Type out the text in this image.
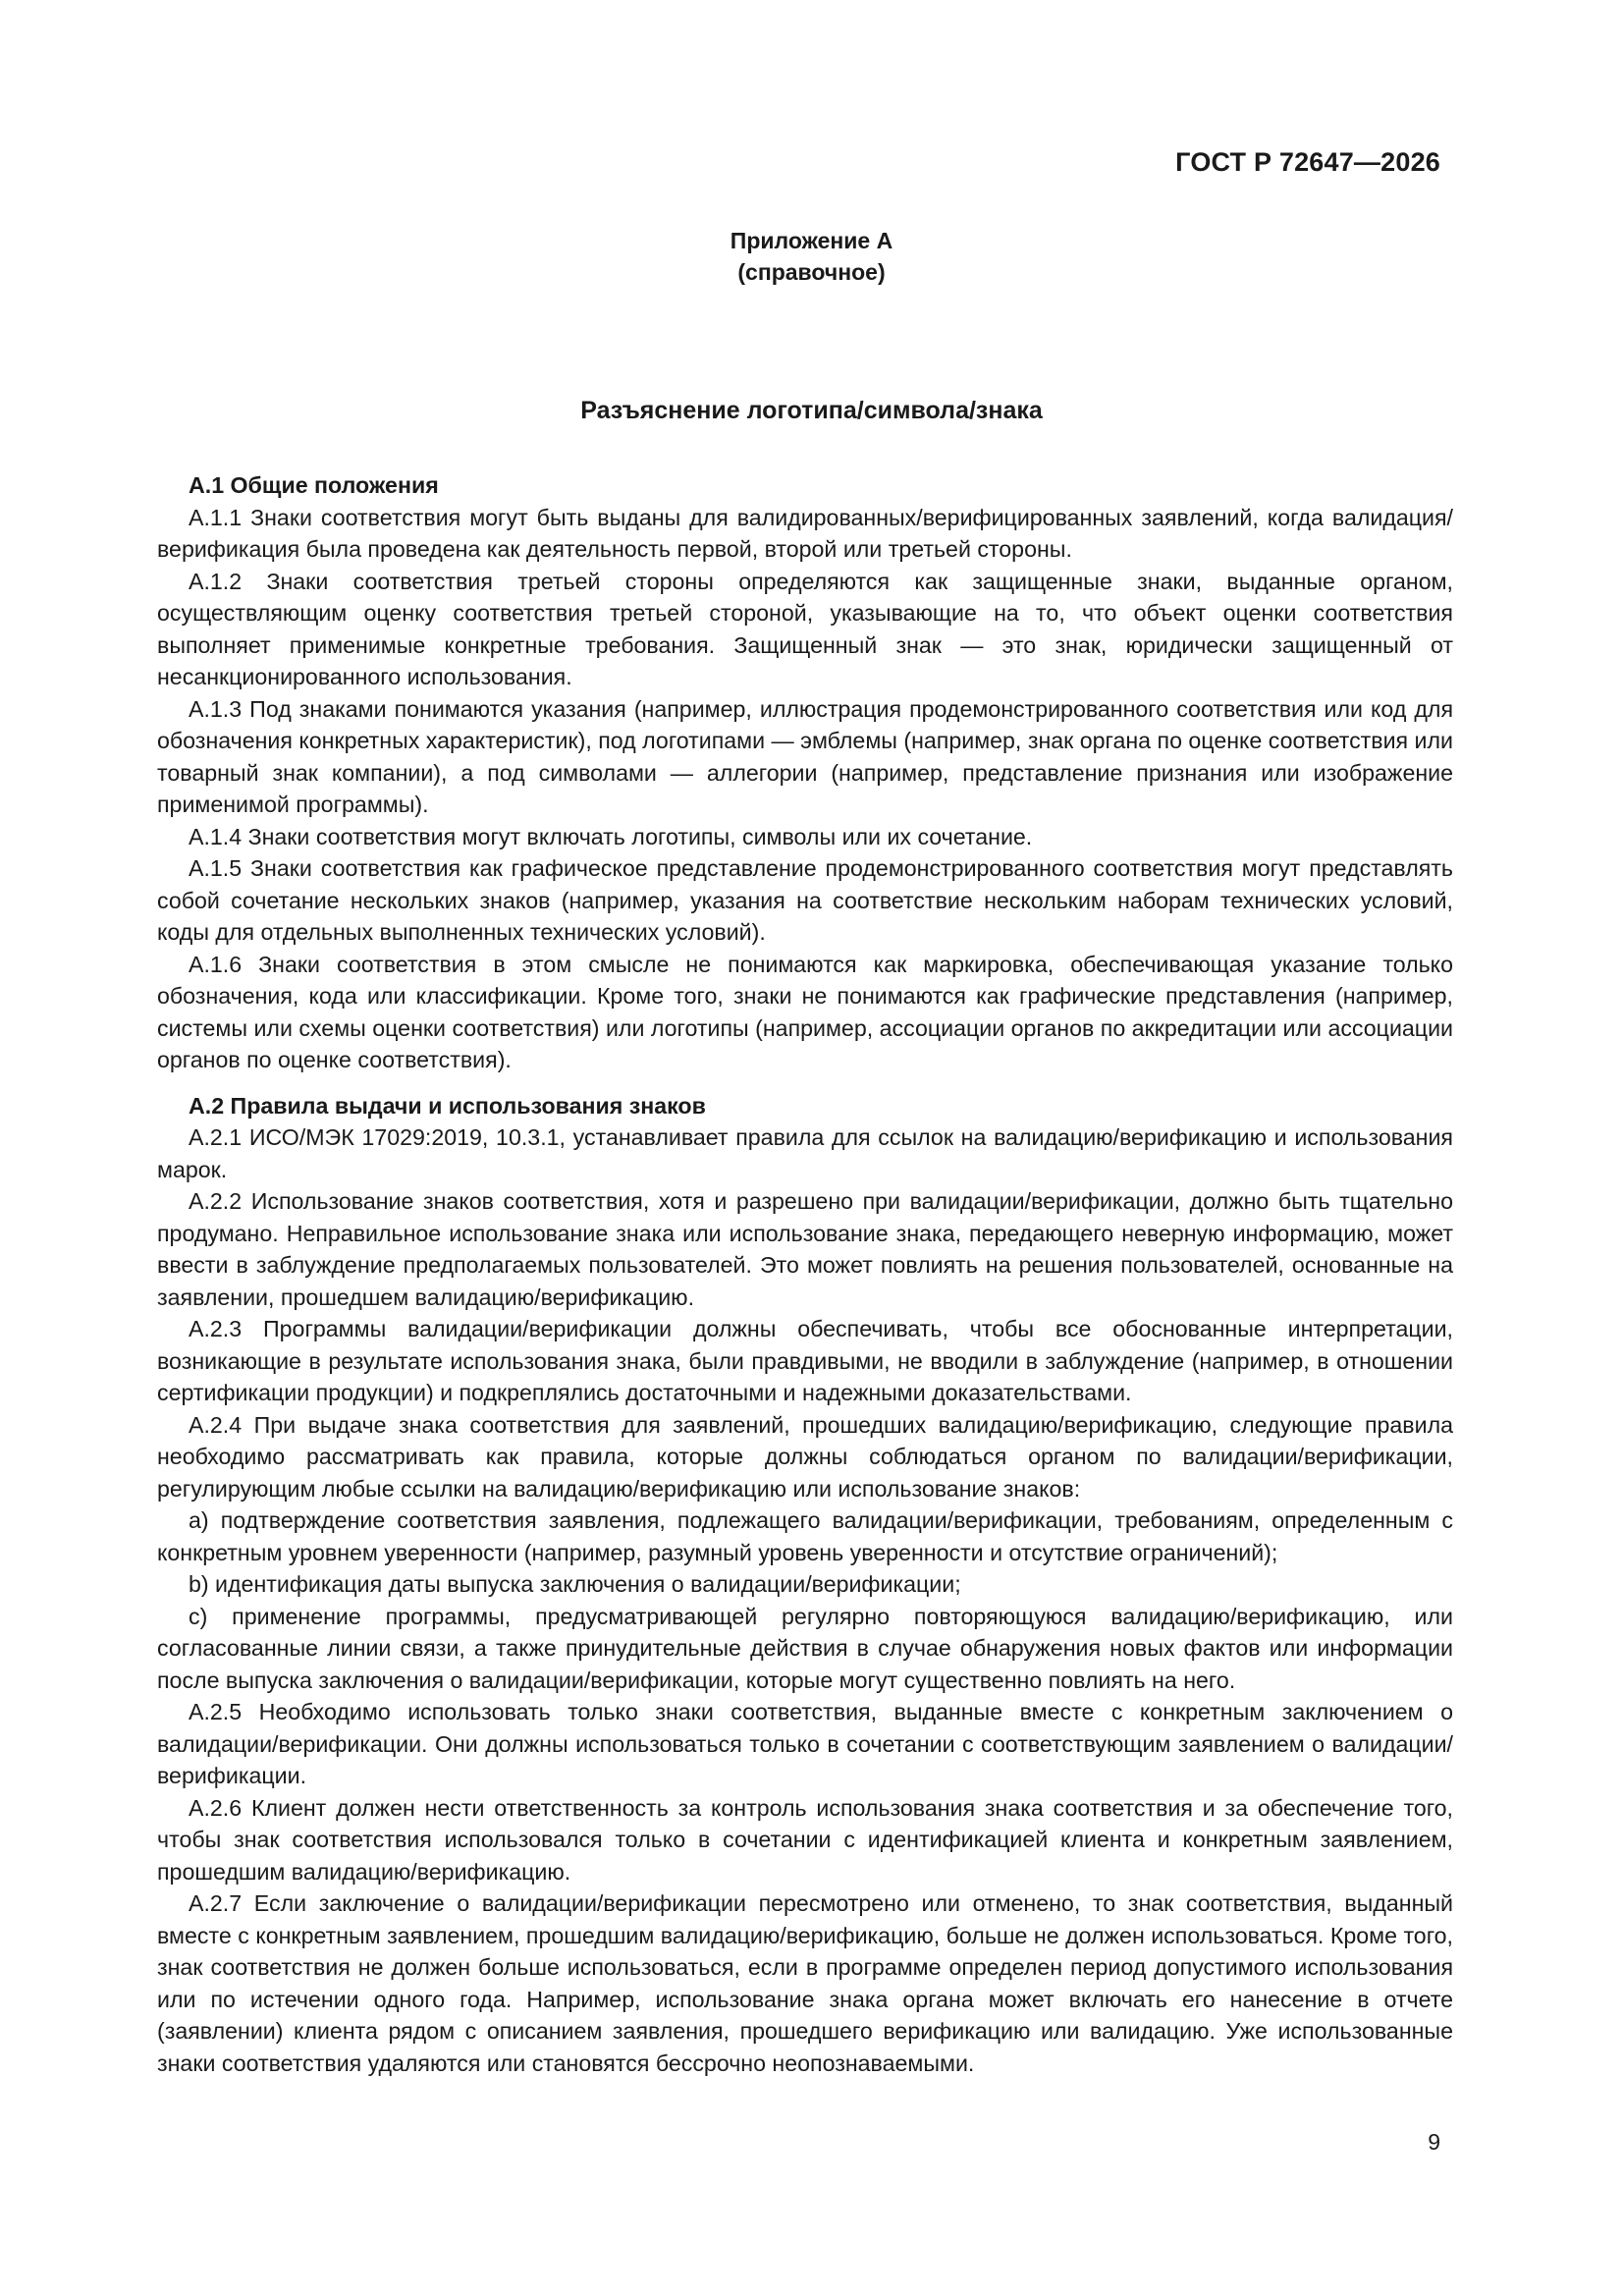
ГОСТ Р 72647—2026
Приложение А
(справочное)
Разъяснение логотипа/символа/знака

А.1 Общие положения

А.1.1 Знаки соответствия могут быть выданы для валидированных/верифицированных заявлений, когда валидация/верификация была проведена как деятельность первой, второй или третьей стороны.

А.1.2 Знаки соответствия третьей стороны определяются как защищенные знаки, выданные органом, осуществляющим оценку соответствия третьей стороной, указывающие на то, что объект оценки соответствия выполняет применимые конкретные требования. Защищенный знак — это знак, юридически защищенный от несанкционированного использования.

А.1.3 Под знаками понимаются указания (например, иллюстрация продемонстрированного соответствия или код для обозначения конкретных характеристик), под логотипами — эмблемы (например, знак органа по оценке соответствия или товарный знак компании), а под символами — аллегории (например, представление признания или изображение применимой программы).

А.1.4 Знаки соответствия могут включать логотипы, символы или их сочетание.

А.1.5 Знаки соответствия как графическое представление продемонстрированного соответствия могут представлять собой сочетание нескольких знаков (например, указания на соответствие нескольким наборам технических условий, коды для отдельных выполненных технических условий).

А.1.6 Знаки соответствия в этом смысле не понимаются как маркировка, обеспечивающая указание только обозначения, кода или классификации. Кроме того, знаки не понимаются как графические представления (например, системы или схемы оценки соответствия) или логотипы (например, ассоциации органов по аккредитации или ассоциации органов по оценке соответствия).

А.2 Правила выдачи и использования знаков

А.2.1 ИСО/МЭК 17029:2019, 10.3.1, устанавливает правила для ссылок на валидацию/верификацию и использования марок.

А.2.2 Использование знаков соответствия, хотя и разрешено при валидации/верификации, должно быть тщательно продумано. Неправильное использование знака или использование знака, передающего неверную информацию, может ввести в заблуждение предполагаемых пользователей. Это может повлиять на решения пользователей, основанные на заявлении, прошедшем валидацию/верификацию.

А.2.3 Программы валидации/верификации должны обеспечивать, чтобы все обоснованные интерпретации, возникающие в результате использования знака, были правдивыми, не вводили в заблуждение (например, в отношении сертификации продукции) и подкреплялись достаточными и надежными доказательствами.

А.2.4 При выдаче знака соответствия для заявлений, прошедших валидацию/верификацию, следующие правила необходимо рассматривать как правила, которые должны соблюдаться органом по валидации/верификации, регулирующим любые ссылки на валидацию/верификацию или использование знаков:

a) подтверждение соответствия заявления, подлежащего валидации/верификации, требованиям, определенным с конкретным уровнем уверенности (например, разумный уровень уверенности и отсутствие ограничений);

b) идентификация даты выпуска заключения о валидации/верификации;

c) применение программы, предусматривающей регулярно повторяющуюся валидацию/верификацию, или согласованные линии связи, а также принудительные действия в случае обнаружения новых фактов или информации после выпуска заключения о валидации/верификации, которые могут существенно повлиять на него.

А.2.5 Необходимо использовать только знаки соответствия, выданные вместе с конкретным заключением о валидации/верификации. Они должны использоваться только в сочетании с соответствующим заявлением о валидации/верификации.

А.2.6 Клиент должен нести ответственность за контроль использования знака соответствия и за обеспечение того, чтобы знак соответствия использовался только в сочетании с идентификацией клиента и конкретным заявлением, прошедшим валидацию/верификацию.

А.2.7 Если заключение о валидации/верификации пересмотрено или отменено, то знак соответствия, выданный вместе с конкретным заявлением, прошедшим валидацию/верификацию, больше не должен использоваться. Кроме того, знак соответствия не должен больше использоваться, если в программе определен период допустимого использования или по истечении одного года. Например, использование знака органа может включать его нанесение в отчете (заявлении) клиента рядом с описанием заявления, прошедшего верификацию или валидацию. Уже использованные знаки соответствия удаляются или становятся бессрочно неопознаваемыми.

9
